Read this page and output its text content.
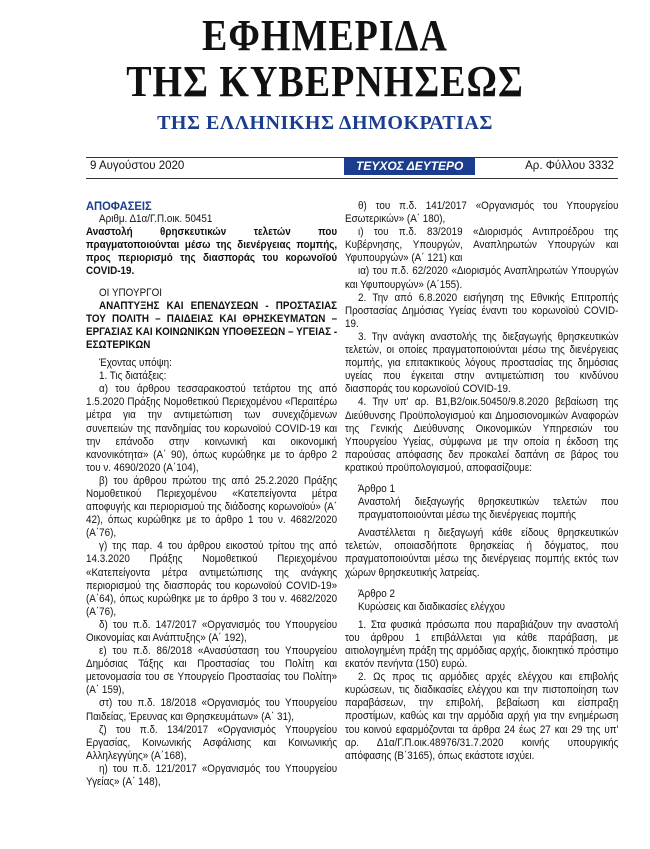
ΕΦΗΜΕΡΙΔΑ
ΤΗΣ ΚΥΒΕΡΝΗΣΕΩΣ
ΤΗΣ ΕΛΛΗΝΙΚΗΣ ΔΗΜΟΚΡΑΤΙΑΣ
9 Αυγούστου 2020	ΤΕΥΧΟΣ ΔΕΥΤΕΡΟ	Αρ. Φύλλου 3332

ΑΠΟΦΑΣΕΙΣ

Αριθμ. Δ1α/Γ.Π.οικ. 50451

Αναστολή θρησκευτικών τελετών που πραγματοποιούνται μέσω της διενέργειας πομπής, προς περιορισμό της διασποράς του κορωνοϊού COVID-19.

ΟΙ ΥΠΟΥΡΓΟΙ

ΑΝΑΠΤΥΞΗΣ ΚΑΙ ΕΠΕΝΔΥΣΕΩΝ - ΠΡΟΣΤΑΣΙΑΣ ΤΟΥ ΠΟΛΙΤΗ – ΠΑΙΔΕΙΑΣ ΚΑΙ ΘΡΗΣΚΕΥΜΑΤΩΝ – ΕΡΓΑΣΙΑΣ ΚΑΙ ΚΟΙΝΩΝΙΚΩΝ ΥΠΟΘΕΣΕΩΝ – ΥΓΕΙΑΣ - ΕΣΩΤΕΡΙΚΩΝ

Έχοντας υπόψη:

1. Τις διατάξεις:

α) του άρθρου τεσσαρακοστού τετάρτου της από 1.5.2020 Πράξης Νομοθετικού Περιεχομένου «Περαιτέρω μέτρα για την αντιμετώπιση των συνεχιζόμενων συνεπειών της πανδημίας του κορωνοϊού COVID-19 και την επάνοδο στην κοινωνική και οικονομική κανονικότητα» (Α΄ 90), όπως κυρώθηκε με το άρθρο 2 του ν. 4690/2020 (Α΄104),

β) του άρθρου πρώτου της από 25.2.2020 Πράξης Νομοθετικού Περιεχομένου «Κατεπείγοντα μέτρα αποφυγής και περιορισμού της διάδοσης κορωνοϊού» (Α΄ 42), όπως κυρώθηκε με το άρθρο 1 του ν. 4682/2020 (Α΄76),

γ) της παρ. 4 του άρθρου εικοστού τρίτου της από 14.3.2020 Πράξης Νομοθετικού Περιεχομένου «Κατεπείγοντα μέτρα αντιμετώπισης της ανάγκης περιορισμού της διασποράς του κορωνοϊού COVID-19» (Α΄64), όπως κυρώθηκε με το άρθρο 3 του ν. 4682/2020 (Α΄76),

δ) του π.δ. 147/2017 «Οργανισμός του Υπουργείου Οικονομίας και Ανάπτυξης» (Α΄ 192),

ε) του π.δ. 86/2018 «Ανασύσταση του Υπουργείου Δημόσιας Τάξης και Προστασίας του Πολίτη και μετονομασία του σε Υπουργείο Προστασίας του Πολίτη» (Α΄ 159),

στ) του π.δ. 18/2018 «Οργανισμός του Υπουργείου Παιδείας, Έρευνας και Θρησκευμάτων» (Α΄ 31),

ζ) του π.δ. 134/2017 «Οργανισμός Υπουργείου Εργασίας, Κοινωνικής Ασφάλισης και Κοινωνικής Αλληλεγγύης» (Α΄168),

η) του π.δ. 121/2017 «Οργανισμός του Υπουργείου Υγείας» (Α΄ 148),

θ) του π.δ. 141/2017 «Οργανισμός του Υπουργείου Εσωτερικών» (Α΄ 180),

ι) του π.δ. 83/2019 «Διορισμός Αντιπροέδρου της Κυβέρνησης, Υπουργών, Αναπληρωτών Υπουργών και Υφυπουργών» (Α΄ 121) και

ια) του π.δ. 62/2020 «Διορισμός Αναπληρωτών Υπουργών και Υφυπουργών» (Α΄155).

2. Την από 6.8.2020 εισήγηση της Εθνικής Επιτροπής Προστασίας Δημόσιας Υγείας έναντι του κορωνοϊού COVID-19.

3. Την ανάγκη αναστολής της διεξαγωγής θρησκευτικών τελετών, οι οποίες πραγματοποιούνται μέσω της διενέργειας πομπής, για επιτακτικούς λόγους προστασίας της δημόσιας υγείας που έγκειται στην αντιμετώπιση του κινδύνου διασποράς του κορωνοϊού COVID-19.

4. Την υπ' αρ. Β1,Β2/οικ.50450/9.8.2020 βεβαίωση της Διεύθυνσης Προϋπολογισμού και Δημοσιονομικών Αναφορών της Γενικής Διεύθυνσης Οικονομικών Υπηρεσιών του Υπουργείου Υγείας, σύμφωνα με την οποία η έκδοση της παρούσας απόφασης δεν προκαλεί δαπάνη σε βάρος του κρατικού προϋπολογισμού, αποφασίζουμε:

Άρθρο 1

Αναστολή διεξαγωγής θρησκευτικών τελετών που πραγματοποιούνται μέσω της διενέργειας πομπής

Αναστέλλεται η διεξαγωγή κάθε είδους θρησκευτικών τελετών, οποιασδήποτε θρησκείας ή δόγματος, που πραγματοποιούνται μέσω της διενέργειας πομπής εκτός των χώρων θρησκευτικής λατρείας.

Άρθρο 2

Κυρώσεις και διαδικασίες ελέγχου

1. Στα φυσικά πρόσωπα που παραβιάζουν την αναστολή του άρθρου 1 επιβάλλεται για κάθε παράβαση, με αιτιολογημένη πράξη της αρμόδιας αρχής, διοικητικό πρόστιμο εκατόν πενήντα (150) ευρώ.

2. Ως προς τις αρμόδιες αρχές ελέγχου και επιβολής κυρώσεων, τις διαδικασίες ελέγχου και την πιστοποίηση των παραβάσεων, την επιβολή, βεβαίωση και είσπραξη προστίμων, καθώς και την αρμόδια αρχή για την ενημέρωση του κοινού εφαρμόζονται τα άρθρα 24 έως 27 και 29 της υπ' αρ. Δ1α/Γ.Π.οικ.48976/31.7.2020 κοινής υπουργικής απόφασης (Β΄3165), όπως εκάστοτε ισχύει.
